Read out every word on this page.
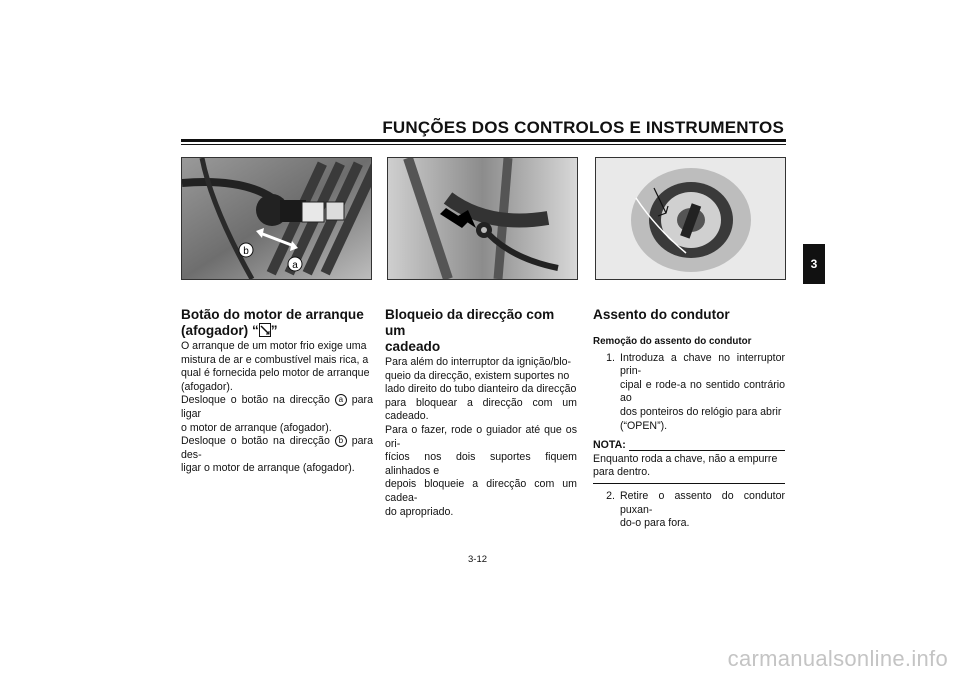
FUNÇÕES DOS CONTROLOS E INSTRUMENTOS
3
b
a
Botão do motor de arranque
(afogador) “ ”

O arranque de um motor frio exige uma
mistura de ar e combustível mais rica, a
qual é fornecida pelo motor de arranque
(afogador).

Desloque o botão na direcção a para ligar
o motor de arranque (afogador).

Desloque o botão na direcção b para des-
ligar o motor de arranque (afogador).

Bloqueio da direcção com um
cadeado

Para além do interruptor da ignição/blo-
queio da direcção, existem suportes no
lado direito do tubo dianteiro da direcção
para bloquear a direcção com um cadeado.
Para o fazer, rode o guiador até que os ori-
fícios nos dois suportes fiquem alinhados e
depois bloqueie a direcção com um cadea-
do apropriado.

Assento do condutor
Remoção do assento do condutor
1. Introduza a chave no interruptor prin-
cipal e rode-a no sentido contrário ao
dos ponteiros do relógio para abrir
(“OPEN”).
NOTA:

Enquanto roda a chave, não a empurre
para dentro.

2. Retire o assento do condutor puxan-
do-o para fora.
3-12
carmanualsonline.info
